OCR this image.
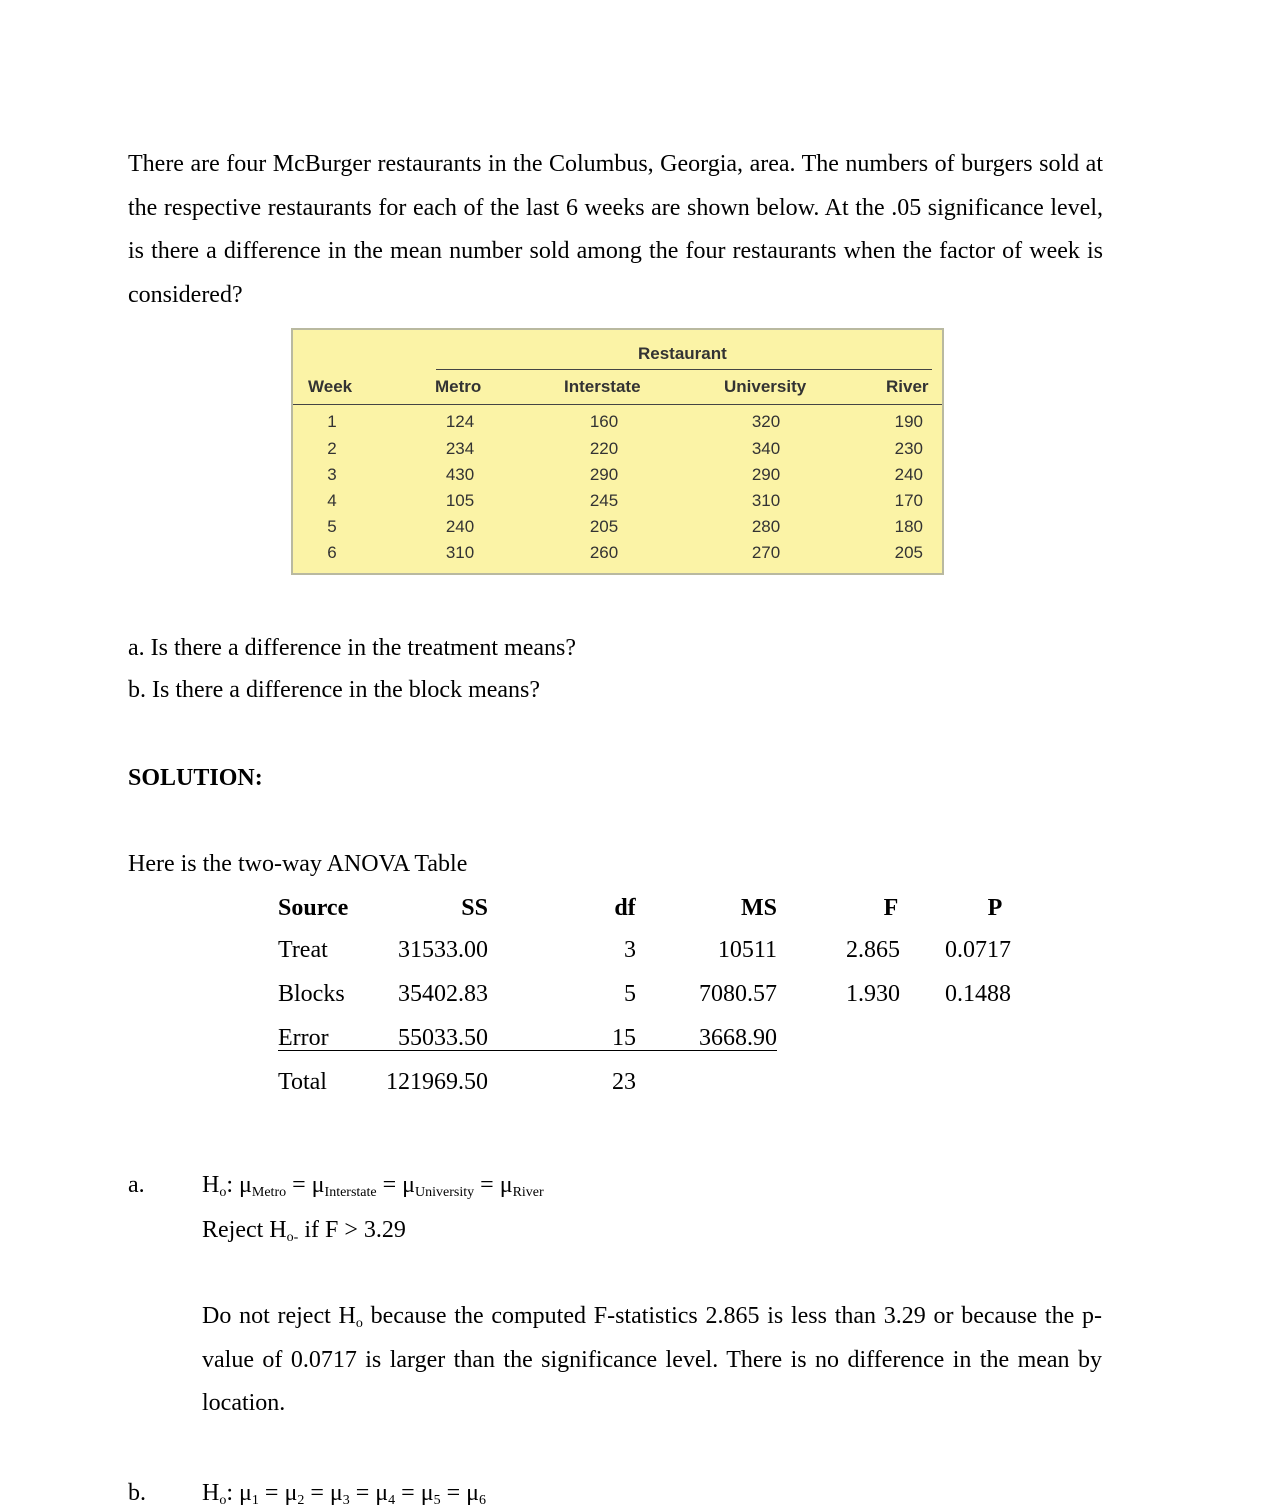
There are four McBurger restaurants in the Columbus, Georgia, area. The numbers of burgers sold at the respective restaurants for each of the last 6 weeks are shown below. At the .05 significance level, is there a difference in the mean number sold among the four restaurants when the factor of week is considered?
Restaurant
Week	Metro	Interstate	University	River
1	124	160	320	190
2	234	220	340	230
3	430	290	290	240
4	105	245	310	170
5	240	205	280	180
6	310	260	270	205
a. Is there a difference in the treatment means?
b. Is there a difference in the block means?
SOLUTION:
Here is the two-way ANOVA Table
Source	SS	df	MS	F	P
Treat	31533.00	3	10511	2.865 0.0717
Blocks	35402.83	5	7080.57	1.930 0.1488
Error	55033.50	15	3668.90
Total	121969.50	23
a. $H_o$: $\mu_{Metro} = \mu_{Interstate} = \mu_{University} = \mu_{River}$
Reject $H_{o-}$ if F > 3.29
Do not reject $H_o$ because the computed F-statistics 2.865 is less than 3.29 or because the p-value of 0.0717 is larger than the significance level. There is no difference in the mean by location.
b. $H_o$: $\mu_1 = \mu_2 = \mu_3 = \mu_4 = \mu_5 = \mu_6$
